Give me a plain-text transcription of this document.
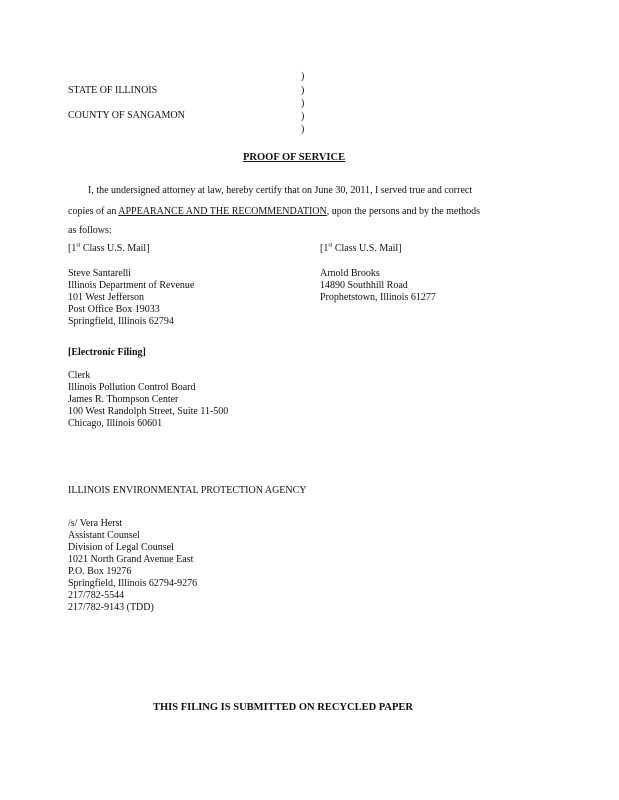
)
)
)
)
)
STATE OF ILLINOIS
COUNTY OF SANGAMON
PROOF OF SERVICE
I, the undersigned attorney at law, hereby certify that on June 30, 2011, I served true and correct
copies of an APPEARANCE AND THE RECOMMENDATION, upon the persons and by the methods
as follows:
[1st Class U.S. Mail]	[1st Class U.S. Mail]
Steve Santarelli
Illinois Department of Revenue
101 West Jefferson
Post Office Box 19033
Springfield, Illinois 62794
Arnold Brooks
14890 Southhill Road
Prophetstown, Illinois 61277
[Electronic Filing]
Clerk
Illinois Pollution Control Board
James R. Thompson Center
100 West Randolph Street, Suite 11-500
Chicago, Illinois 60601
ILLINOIS ENVIRONMENTAL PROTECTION AGENCY
/s/ Vera Herst
Assistant Counsel
Division of Legal Counsel
1021 North Grand Avenue East
P.O. Box 19276
Springfield, Illinois 62794-9276
217/782-5544
217/782-9143 (TDD)
THIS FILING IS SUBMITTED ON RECYCLED PAPER
